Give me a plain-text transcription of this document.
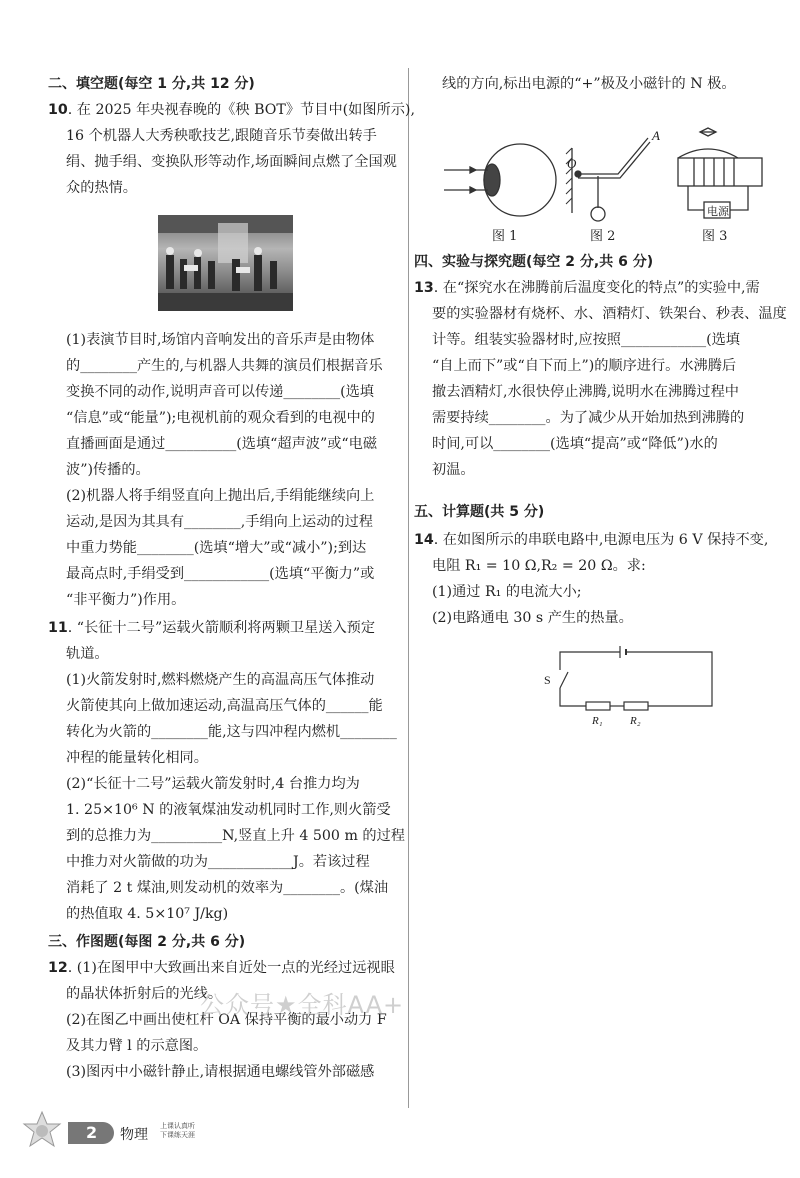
二、填空题(每空 1 分,共 12 分)
10. 在 2025 年央视春晚的《秧 BOT》节目中(如图所示),
16 个机器人大秀秧歌技艺,跟随音乐节奏做出转手
绢、抛手绢、变换队形等动作,场面瞬间点燃了全国观
众的热情。
(1)表演节目时,场馆内音响发出的音乐声是由物体
的________产生的,与机器人共舞的演员们根据音乐
变换不同的动作,说明声音可以传递________(选填
“信息”或“能量”);电视机前的观众看到的电视中的
直播画面是通过__________(选填“超声波”或“电磁
波”)传播的。
(2)机器人将手绢竖直向上抛出后,手绢能继续向上
运动,是因为其具有________,手绢向上运动的过程
中重力势能________(选填“增大”或“减小”);到达
最高点时,手绢受到____________(选填“平衡力”或
“非平衡力”)作用。
11. “长征十二号”运载火箭顺利将两颗卫星送入预定
轨道。
(1)火箭发射时,燃料燃烧产生的高温高压气体推动
火箭使其向上做加速运动,高温高压气体的______能
转化为火箭的________能,这与四冲程内燃机________
冲程的能量转化相同。
(2)“长征十二号”运载火箭发射时,4 台推力均为
1. 25×10⁶ N 的液氧煤油发动机同时工作,则火箭受
到的总推力为__________N,竖直上升 4 500 m 的过程
中推力对火箭做的功为____________J。若该过程
消耗了 2 t 煤油,则发动机的效率为________。(煤油
的热值取 4. 5×10⁷ J/kg)
三、作图题(每图 2 分,共 6 分)
12. (1)在图甲中大致画出来自近处一点的光经过远视眼
的晶状体折射后的光线。
(2)在图乙中画出使杠杆 OA 保持平衡的最小动力 F
及其力臂 l 的示意图。
(3)图丙中小磁针静止,请根据通电螺线管外部磁感
线的方向,标出电源的“+”极及小磁针的 N 极。
O
A
电源
图 1	图 2	图 3
四、实验与探究题(每空 2 分,共 6 分)
13. 在“探究水在沸腾前后温度变化的特点”的实验中,需
要的实验器材有烧杯、水、酒精灯、铁架台、秒表、温度
计等。组装实验器材时,应按照____________(选填
“自上而下”或“自下而上”)的顺序进行。水沸腾后
撤去酒精灯,水很快停止沸腾,说明水在沸腾过程中
需要持续________。为了减少从开始加热到沸腾的
时间,可以________(选填“提高”或“降低”)水的
初温。
五、计算题(共 5 分)
14. 在如图所示的串联电路中,电源电压为 6 V 保持不变,
电阻 R₁ = 10 Ω,R₂ = 20 Ω。求:
(1)通过 R₁ 的电流大小;
(2)电路通电 30 s 产生的热量。
S
R₁ R₂
公众号★全科AA+
2 物理
上课认真听
下课练天涯
